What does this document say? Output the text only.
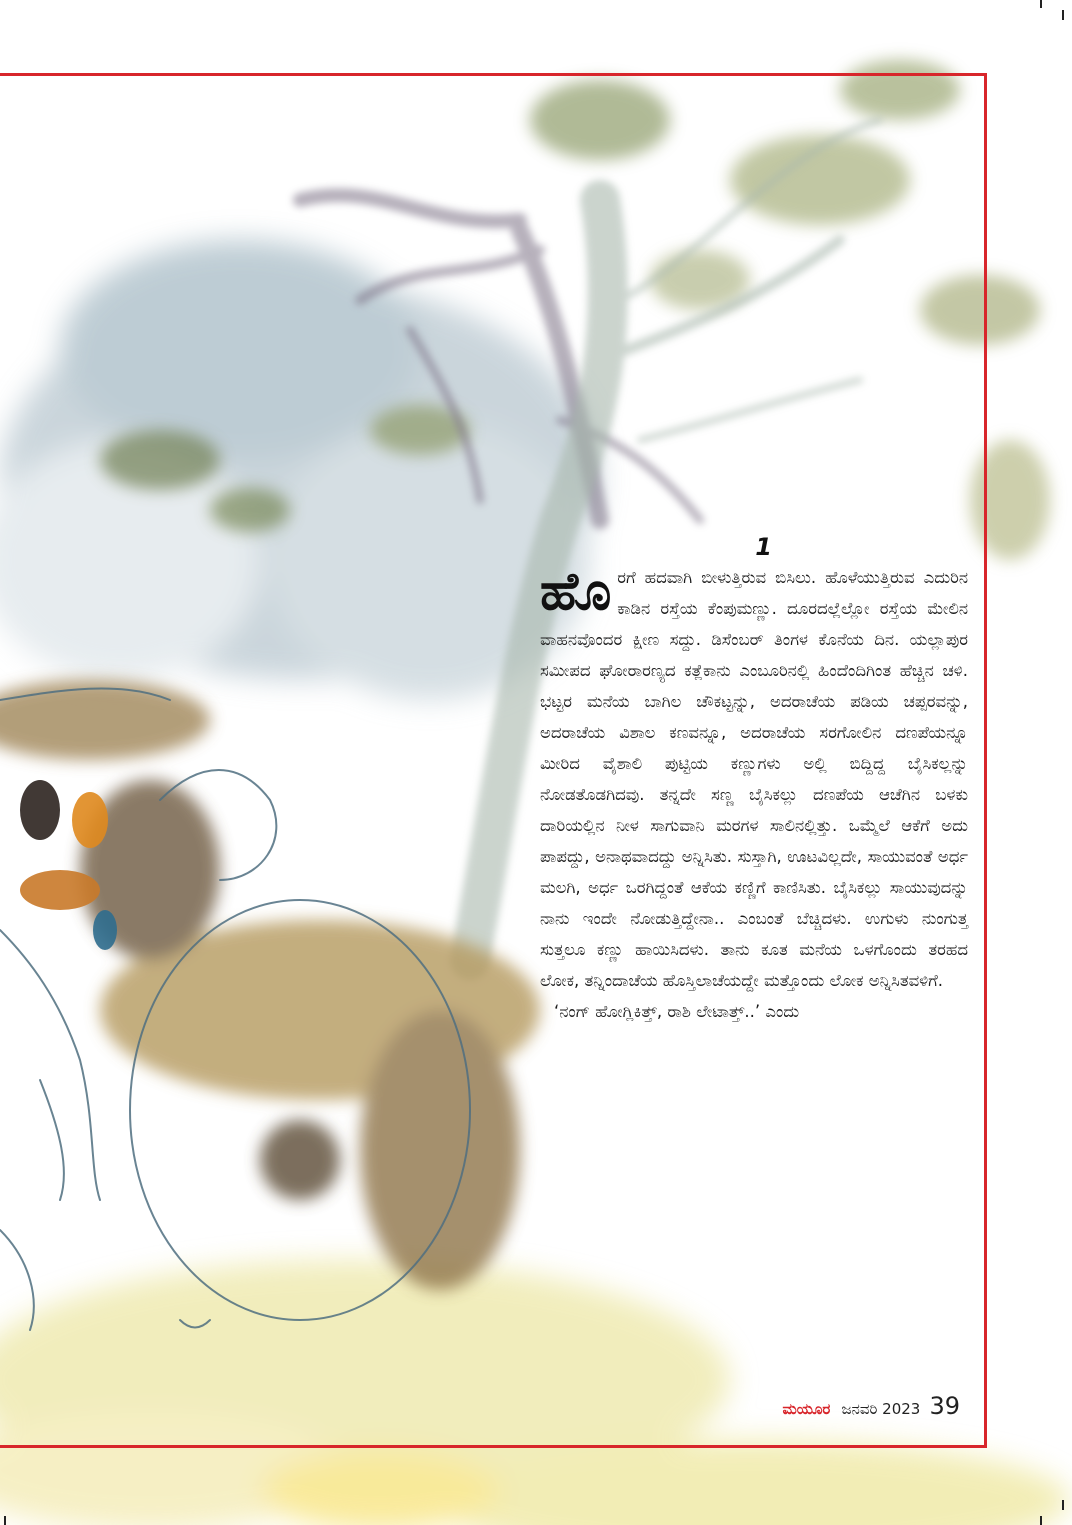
1

ಹೊರಗೆ ಹದವಾಗಿ ಬೀಳುತ್ತಿರುವ ಬಿಸಿಲು. ಹೊಳೆಯುತ್ತಿರುವ ಎದುರಿನ ಕಾಡಿನ ರಸ್ತೆಯ ಕೆಂಪುಮಣ್ಣು. ದೂರದಲ್ಲೆಲ್ಲೋ ರಸ್ತೆಯ ಮೇಲಿನ ವಾಹನವೊಂದರ ಕ್ಷೀಣ ಸದ್ದು. ಡಿಸೆಂಬರ್ ತಿಂಗಳ ಕೊನೆಯ ದಿನ. ಯಲ್ಲಾಪುರ ಸಮೀಪದ ಘೋರಾರಣ್ಯದ ಕತ್ಲೆಕಾನು ಎಂಬೂರಿನಲ್ಲಿ ಹಿಂದೆಂದಿಗಿಂತ ಹೆಚ್ಚಿನ ಚಳಿ. ಭಟ್ಟರ ಮನೆಯ ಬಾಗಿಲ ಚೌಕಟ್ಟನ್ನು, ಅದರಾಚೆಯ ಪಡಿಯ ಚಪ್ಪರವನ್ನು, ಅದರಾಚೆಯ ವಿಶಾಲ ಕಣವನ್ನೂ, ಅದರಾಚೆಯ ಸರಗೋಲಿನ ದಣಪೆಯನ್ನೂ ಮೀರಿದ ವೈಶಾಲಿ ಪುಟ್ಟಿಯ ಕಣ್ಣುಗಳು ಅಲ್ಲಿ ಬಿದ್ದಿದ್ದ ಬೈಸಿಕಲ್ಲನ್ನು ನೋಡತೊಡಗಿದವು. ತನ್ನದೇ ಸಣ್ಣ ಬೈಸಿಕಲ್ಲು ದಣಪೆಯ ಆಚೆಗಿನ ಬಳಕು ದಾರಿಯಲ್ಲಿನ ನೀಳ ಸಾಗುವಾನಿ ಮರಗಳ ಸಾಲಿನಲ್ಲಿತ್ತು. ಒಮ್ಮೆಲೆ ಆಕೆಗೆ ಅದು ಪಾಪದ್ದು, ಅನಾಥವಾದದ್ದು ಅನ್ನಿಸಿತು. ಸುಸ್ತಾಗಿ, ಊಟವಿಲ್ಲದೇ, ಸಾಯುವಂತೆ ಅರ್ಧ ಮಲಗಿ, ಅರ್ಧ ಒರಗಿದ್ದಂತೆ ಆಕೆಯ ಕಣ್ಣಿಗೆ ಕಾಣಿಸಿತು. ಬೈಸಿಕಲ್ಲು ಸಾಯುವುದನ್ನು ನಾನು ಇಂದೇ ನೋಡುತ್ತಿದ್ದೇನಾ.. ಎಂಬಂತೆ ಬೆಚ್ಚಿದಳು. ಉಗುಳು ನುಂಗುತ್ತ ಸುತ್ತಲೂ ಕಣ್ಣು ಹಾಯಿಸಿದಳು. ತಾನು ಕೂತ ಮನೆಯ ಒಳಗೊಂದು ತರಹದ ಲೋಕ, ತನ್ನಿಂದಾಚೆಯ ಹೊಸ್ತಿಲಾಚೆಯದ್ದೇ ಮತ್ತೊಂದು ಲೋಕ ಅನ್ನಿಸಿತವಳಿಗೆ.

‘ನಂಗ್ ಹೋಗ್ಲಿಕಿತ್ತ್, ರಾಶಿ ಲೇಟಾತ್ತ್..’ ಎಂದು

ಮಯೂರ ಜನವರಿ 2023 39
